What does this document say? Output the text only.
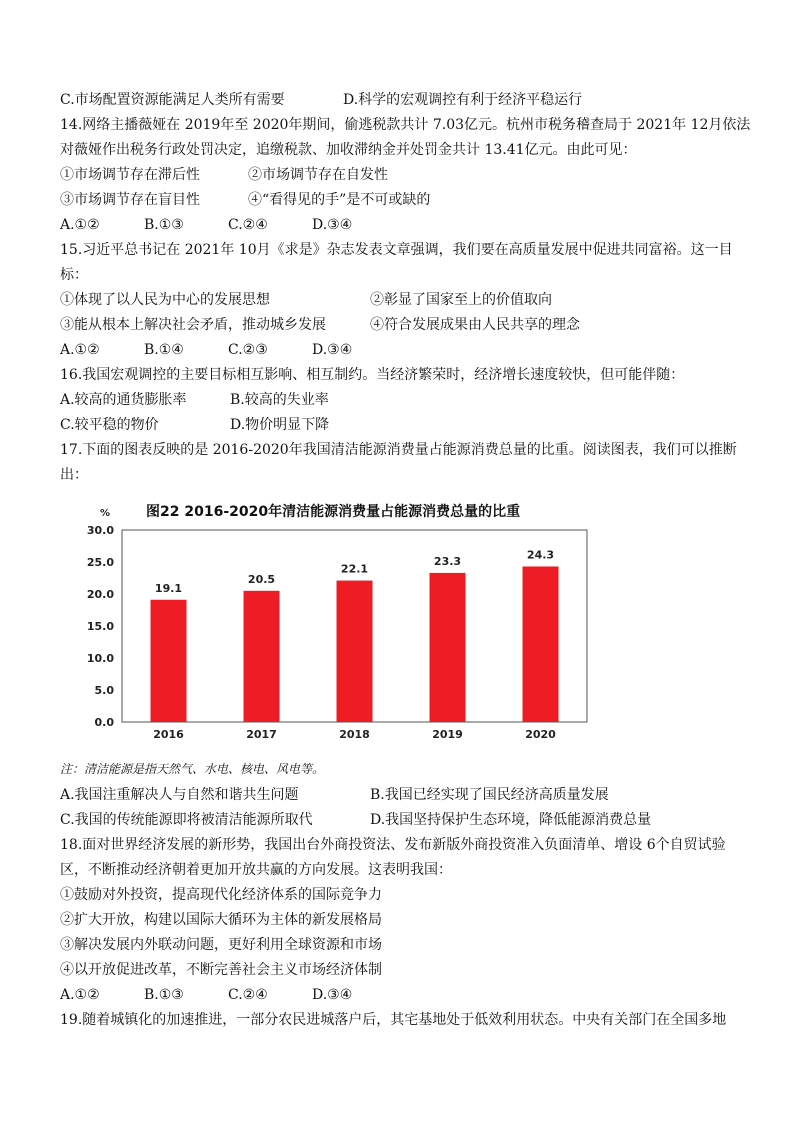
C.市场配置资源能满足人类所有需要	D.科学的宏观调控有利于经济平稳运行
14.网络主播薇娅在 2019年至 2020年期间，偷逃税款共计 7.03亿元。杭州市税务稽查局于 2021年 12月依法
对薇娅作出税务行政处罚决定，追缴税款、加收滞纳金并处罚金共计 13.41亿元。由此可见：
①市场调节存在滞后性	②市场调节存在自发性
③市场调节存在盲目性	④“看得见的手”是不可或缺的
A.①②	B.①③	C.②④	D.③④
15.习近平总书记在 2021年 10月《求是》杂志发表文章强调，我们要在高质量发展中促进共同富裕。这一目
标：
①体现了以人民为中心的发展思想	②彰显了国家至上的价值取向
③能从根本上解决社会矛盾，推动城乡发展	④符合发展成果由人民共享的理念
A.①②	B.①④	C.②③	D.③④
16.我国宏观调控的主要目标相互影响、相互制约。当经济繁荣时，经济增长速度较快，但可能伴随：
A.较高的通货膨胀率	B.较高的失业率
C.较平稳的物价	D.物价明显下降
17.下面的图表反映的是 2016-2020年我国清洁能源消费量占能源消费总量的比重。阅读图表，我们可以推断
出：
%	图22 2016-2020年清洁能源消费量占能源消费总量的比重
0.0
5.0
10.0
15.0
20.0
25.0
30.0
19.1
20.5
22.1
23.3	24.3
2016	2017	2018	2019	2020
注：清洁能源是指天然气、水电、核电、风电等。
A.我国注重解决人与自然和谐共生问题	B.我国已经实现了国民经济高质量发展
C.我国的传统能源即将被清洁能源所取代	D.我国坚持保护生态环境，降低能源消费总量
18.面对世界经济发展的新形势，我国出台外商投资法、发布新版外商投资准入负面清单、增设 6个自贸试验
区，不断推动经济朝着更加开放共赢的方向发展。这表明我国：
①鼓励对外投资，提高现代化经济体系的国际竞争力
②扩大开放，构建以国际大循环为主体的新发展格局
③解决发展内外联动问题，更好利用全球资源和市场
④以开放促进改革，不断完善社会主义市场经济体制
A.①②	B.①③	C.②④	D.③④
19.随着城镇化的加速推进，一部分农民进城落户后，其宅基地处于低效利用状态。中央有关部门在全国多地
